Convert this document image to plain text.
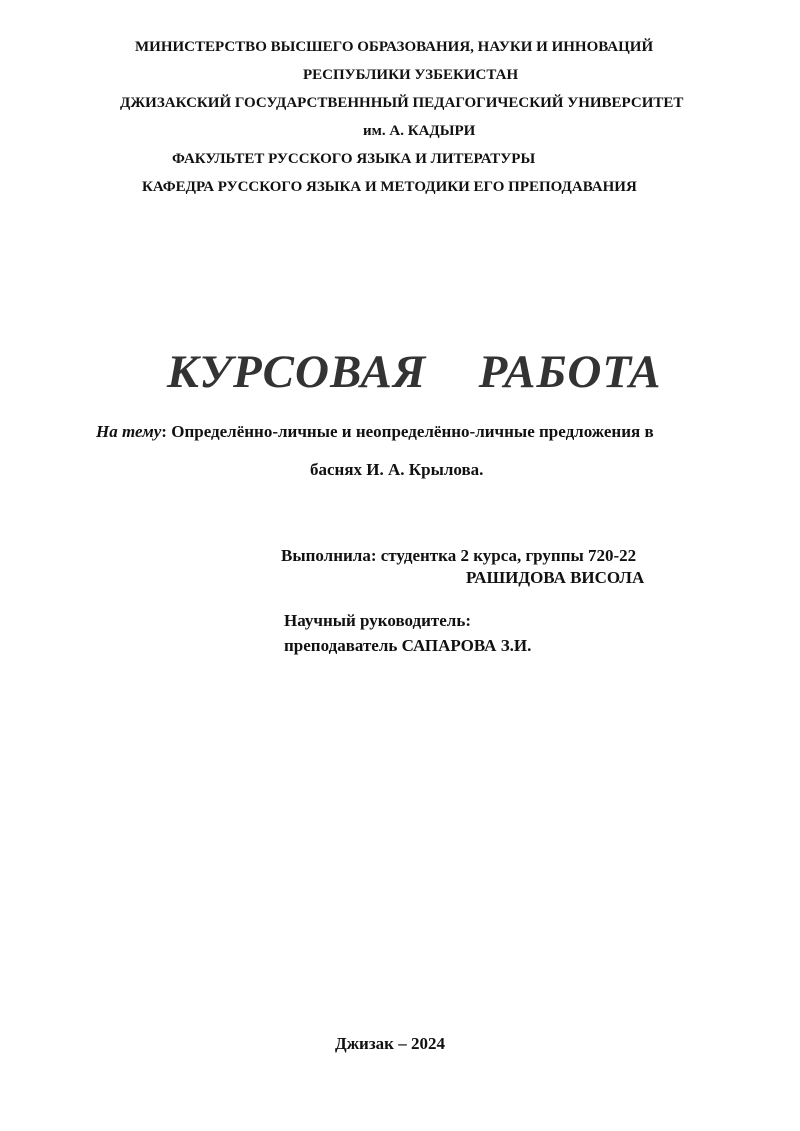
МИНИСТЕРСТВО ВЫСШЕГО ОБРАЗОВАНИЯ, НАУКИ И ИННОВАЦИЙ
РЕСПУБЛИКИ УЗБЕКИСТАН
ДЖИЗАКСКИЙ ГОСУДАРСТВЕНННЫЙ ПЕДАГОГИЧЕСКИЙ УНИВЕРСИТЕТ
им. А. КАДЫРИ
ФАКУЛЬТЕТ РУССКОГО ЯЗЫКА И ЛИТЕРАТУРЫ
КАФЕДРА РУССКОГО ЯЗЫКА И МЕТОДИКИ ЕГО ПРЕПОДАВАНИЯ
КУРСОВАЯ   РАБОТА
На тему: Определённо-личные и неопределённо-личные предложения в
баснях И. А. Крылова.
Выполнила: студентка 2 курса, группы 720-22
РАШИДОВА ВИСОЛА
Научный руководитель:
преподаватель САПАРОВА З.И.
Джизак – 2024
